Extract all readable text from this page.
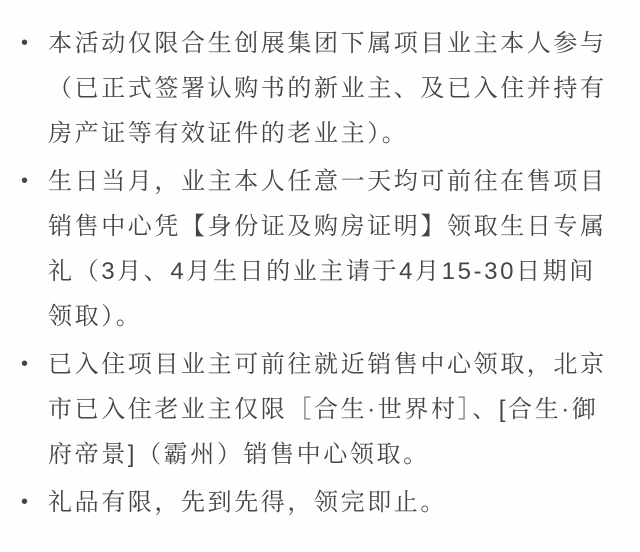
• 本活动仅限合生创展集团下属项目业主本人参与（已正式签署认购书的新业主、及已入住并持有房产证等有效证件的老业主）。

• 生日当月，业主本人任意一天均可前往在售项目销售中心凭【身份证及购房证明】领取生日专属礼（3月、4月生日的业主请于4月15-30日期间领取）。

• 已入住项目业主可前往就近销售中心领取，北京市已入住老业主仅限［合生·世界村］、[合生·御府帝景]（霸州）销售中心领取。

• 礼品有限，先到先得，领完即止。
